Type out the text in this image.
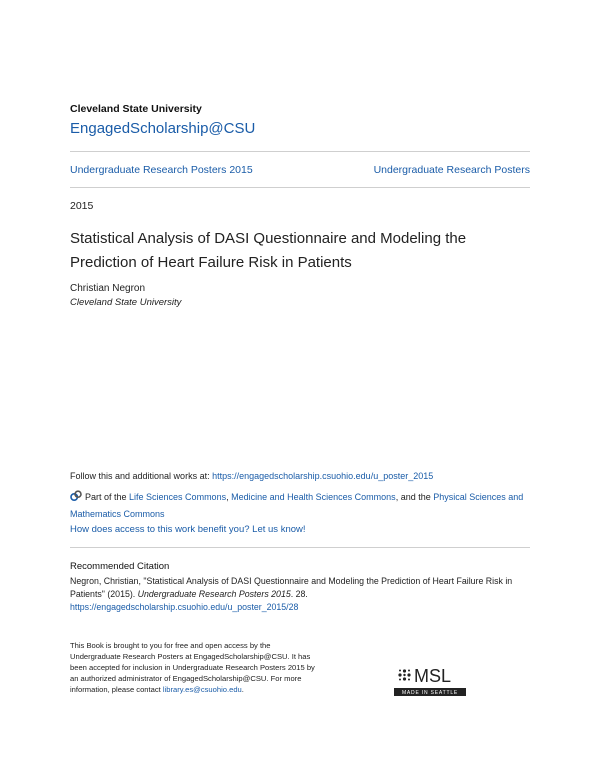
Cleveland State University
EngagedScholarship@CSU
Undergraduate Research Posters 2015	Undergraduate Research Posters
2015
Statistical Analysis of DASI Questionnaire and Modeling the Prediction of Heart Failure Risk in Patients
Christian Negron
Cleveland State University
Follow this and additional works at: https://engagedscholarship.csuohio.edu/u_poster_2015
Part of the Life Sciences Commons, Medicine and Health Sciences Commons, and the Physical Sciences and Mathematics Commons
How does access to this work benefit you? Let us know!
Recommended Citation
Negron, Christian, "Statistical Analysis of DASI Questionnaire and Modeling the Prediction of Heart Failure Risk in Patients" (2015). Undergraduate Research Posters 2015. 28.
https://engagedscholarship.csuohio.edu/u_poster_2015/28
This Book is brought to you for free and open access by the Undergraduate Research Posters at EngagedScholarship@CSU. It has been accepted for inclusion in Undergraduate Research Posters 2015 by an authorized administrator of EngagedScholarship@CSU. For more information, please contact library.es@csuohio.edu.
MSL
MADE IN SEATTLE
